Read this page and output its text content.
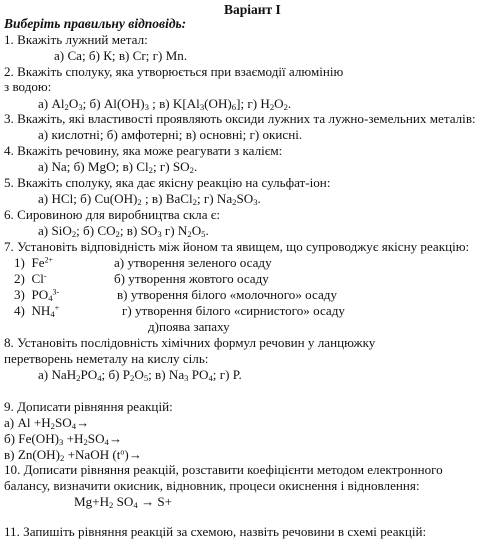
Варіант І
Виберіть правильну відповідь:
1. Вкажіть лужний метал:
а) Са; б) К; в) Cr; г) Mn.
2. Вкажіть сполуку, яка утворюється при взаємодії алюмінію
з водою:
а) $Al_2O_3$; б) $Al(OH)_3$ ; в) $K[Al_3(OH)_6]$; г) $H_2O_2$.
3. Вкажіть, які властивості проявляють оксиди лужних та лужно-земельних металів:
а) кислотні; б) амфотерні; в) основні; г) окисні.
4. Вкажіть речовину, яка може реагувати з калієм:
а) Na; б) MgO; в) $Cl_2$; г) $SO_2$.
5. Вкажіть сполуку, яка дає якісну реакцію на сульфат-іон:
а) HCl; б) $Cu(OH)_2$ ; в) BaCl$_2$; г) $Na_2SO_3$.
6. Сировиною для виробництва скла є:
а) SiO$_2$; б) $CO_2$; в) $SO_3$ г) $N_2O_5$.
7. Установіть відповідність між йоном та явищем, що супроводжує якісну реакцію:
1) $Fe^{2+}$	а) утворення зеленого осаду
2) Cl-	б) утворення жовтого осаду
3) $PO_4^{3-}$	в) утворення білого «молочного» осаду
4) $NH_4^+$	г) утворення білого «сирнистого» осаду
д)поява запаху
8. Установіть послідовність хімічних формул речовин у ланцюжку
перетворень неметалу на кислу сіль:
а) $NaH_2PO_4$; б) $P_2O_5$; в) $Na_3$ $PO_4$; г) P.
9. Дописати рівняння реакцій:
а) $Al +H_2SO_4\to$
б) $Fe(OH)_3 +H_2SO_4\to$
в) $Zn(OH)_2$ +NaOH $(t^o)\to$
10. Дописати рівняння реакцій, розставити коефіцієнти методом електронного
балансу, визначити окисник, відновник, процеси окиснення і відновлення:
$Mg+H_2$ $SO_4 \to S+$
11. Запишіть рівняння реакцій за схемою, назвіть речовини в схемі реакцій:
